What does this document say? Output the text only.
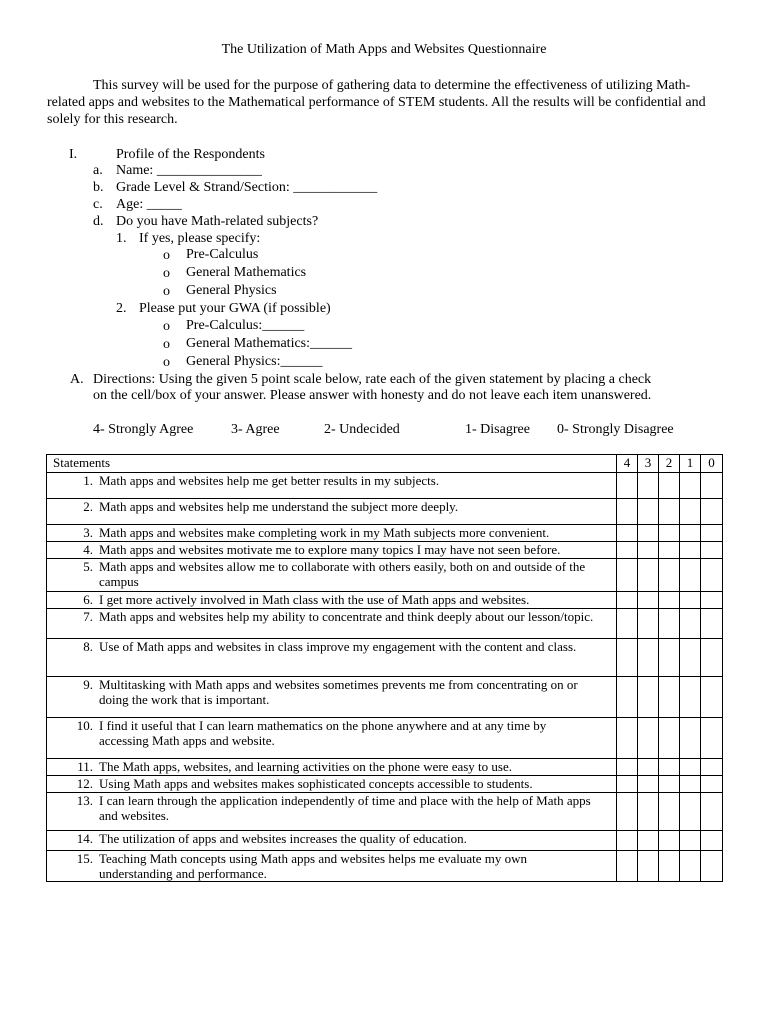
The Utilization of Math Apps and Websites Questionnaire
This survey will be used for the purpose of gathering data to determine the effectiveness of utilizing Math-related apps and websites to the Mathematical performance of STEM students. All the results will be confidential and solely for this research.
I.	Profile of the Respondents
a. Name: _______________
b. Grade Level & Strand/Section: ____________
c. Age: _____
d. Do you have Math-related subjects?
1. If yes, please specify:
o Pre-Calculus
o General Mathematics
o General Physics
2. Please put your GWA (if possible)
o Pre-Calculus:______
o General Mathematics:______
o General Physics:______
A. Directions: Using the given 5 point scale below, rate each of the given statement by placing a check
on the cell/box of your answer. Please answer with honesty and do not leave each item unanswered.
4- Strongly Agree	3- Agree	2- Undecided	1- Disagree 0- Strongly Disagree
Statements	4	3	2	1	0
1. Math apps and websites help me get better results in my subjects.					
2. Math apps and websites help me understand the subject more deeply.					
3. Math apps and websites make completing work in my Math subjects more convenient.					
4. Math apps and websites motivate me to explore many topics I may have not seen before.					
5. Math apps and websites allow me to collaborate with others easily, both on and outside of the campus					
6. I get more actively involved in Math class with the use of Math apps and websites.					
7. Math apps and websites help my ability to concentrate and think deeply about our lesson/topic.					
8. Use of Math apps and websites in class improve my engagement with the content and class.					
9. Multitasking with Math apps and websites sometimes prevents me from concentrating on or doing the work that is important.					
10. I find it useful that I can learn mathematics on the phone anywhere and at any time by accessing Math apps and website.					
11. The Math apps, websites, and learning activities on the phone were easy to use.					
12. Using Math apps and websites makes sophisticated concepts accessible to students.					
13. I can learn through the application independently of time and place with the help of Math apps and websites.					
14. The utilization of apps and websites increases the quality of education.					
15. Teaching Math concepts using Math apps and websites helps me evaluate my own understanding and performance.					
